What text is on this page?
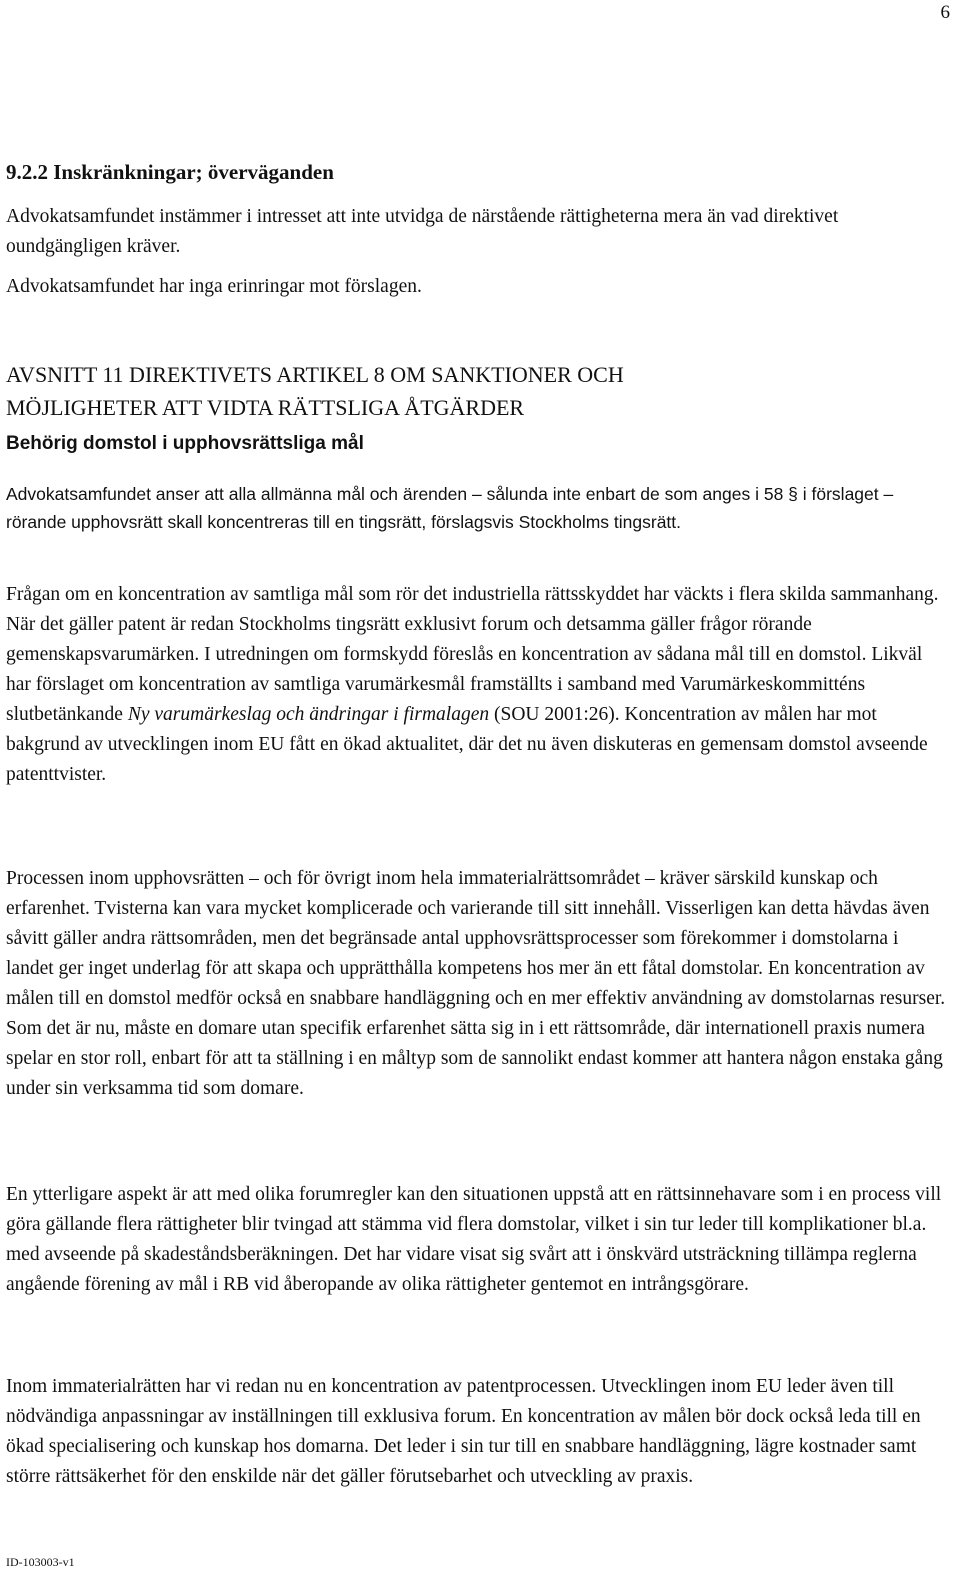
6
9.2.2 Inskränkningar; överväganden

Advokatsamfundet instämmer i intresset att inte utvidga de närstående rättigheterna mera än vad direktivet oundgängligen kräver.

Advokatsamfundet har inga erinringar mot förslagen.

AVSNITT 11 DIREKTIVETS ARTIKEL 8 OM SANKTIONER OCH
MÖJLIGHETER ATT VIDTA RÄTTSLIGA ÅTGÄRDER
Behörig domstol i upphovsrättsliga mål

Advokatsamfundet anser att alla allmänna mål och ärenden – sålunda inte enbart de som anges i 58 § i förslaget – rörande upphovsrätt skall koncentreras till en tingsrätt, förslagsvis Stockholms tingsrätt.

Frågan om en koncentration av samtliga mål som rör det industriella rättsskyddet har väckts i flera skilda sammanhang. När det gäller patent är redan Stockholms tingsrätt exklusivt forum och detsamma gäller frågor rörande gemenskapsvarumärken. I utredningen om formskydd föreslås en koncentration av sådana mål till en domstol. Likväl har förslaget om koncentration av samtliga varumärkesmål framställts i samband med Varumärkeskommitténs slutbetänkande Ny varumärkeslag och ändringar i firmalagen (SOU 2001:26). Koncentration av målen har mot bakgrund av utvecklingen inom EU fått en ökad aktualitet, där det nu även diskuteras en gemensam domstol avseende patenttvister.

Processen inom upphovsrätten – och för övrigt inom hela immaterialrättsområdet – kräver särskild kunskap och erfarenhet. Tvisterna kan vara mycket komplicerade och varierande till sitt innehåll. Visserligen kan detta hävdas även såvitt gäller andra rättsområden, men det begränsade antal upphovsrättsprocesser som förekommer i domstolarna i landet ger inget underlag för att skapa och upprätthålla kompetens hos mer än ett fåtal domstolar. En koncentration av målen till en domstol medför också en snabbare handläggning och en mer effektiv användning av domstolarnas resurser. Som det är nu, måste en domare utan specifik erfarenhet sätta sig in i ett rättsområde, där internationell praxis numera spelar en stor roll, enbart för att ta ställning i en måltyp som de sannolikt endast kommer att hantera någon enstaka gång under sin verksamma tid som domare.

En ytterligare aspekt är att med olika forumregler kan den situationen uppstå att en rättsinnehavare som i en process vill göra gällande flera rättigheter blir tvingad att stämma vid flera domstolar, vilket i sin tur leder till komplikationer bl.a. med avseende på skadeståndsberäkningen. Det har vidare visat sig svårt att i önskvärd utsträckning tillämpa reglerna angående förening av mål i RB vid åberopande av olika rättigheter gentemot en intrångsgörare.

Inom immaterialrätten har vi redan nu en koncentration av patentprocessen. Utvecklingen inom EU leder även till nödvändiga anpassningar av inställningen till exklusiva forum. En koncentration av målen bör dock också leda till en ökad specialisering och kunskap hos domarna. Det leder i sin tur till en snabbare handläggning, lägre kostnader samt större rättsäkerhet för den enskilde när det gäller förutsebarhet och utveckling av praxis.

ID-103003-v1
